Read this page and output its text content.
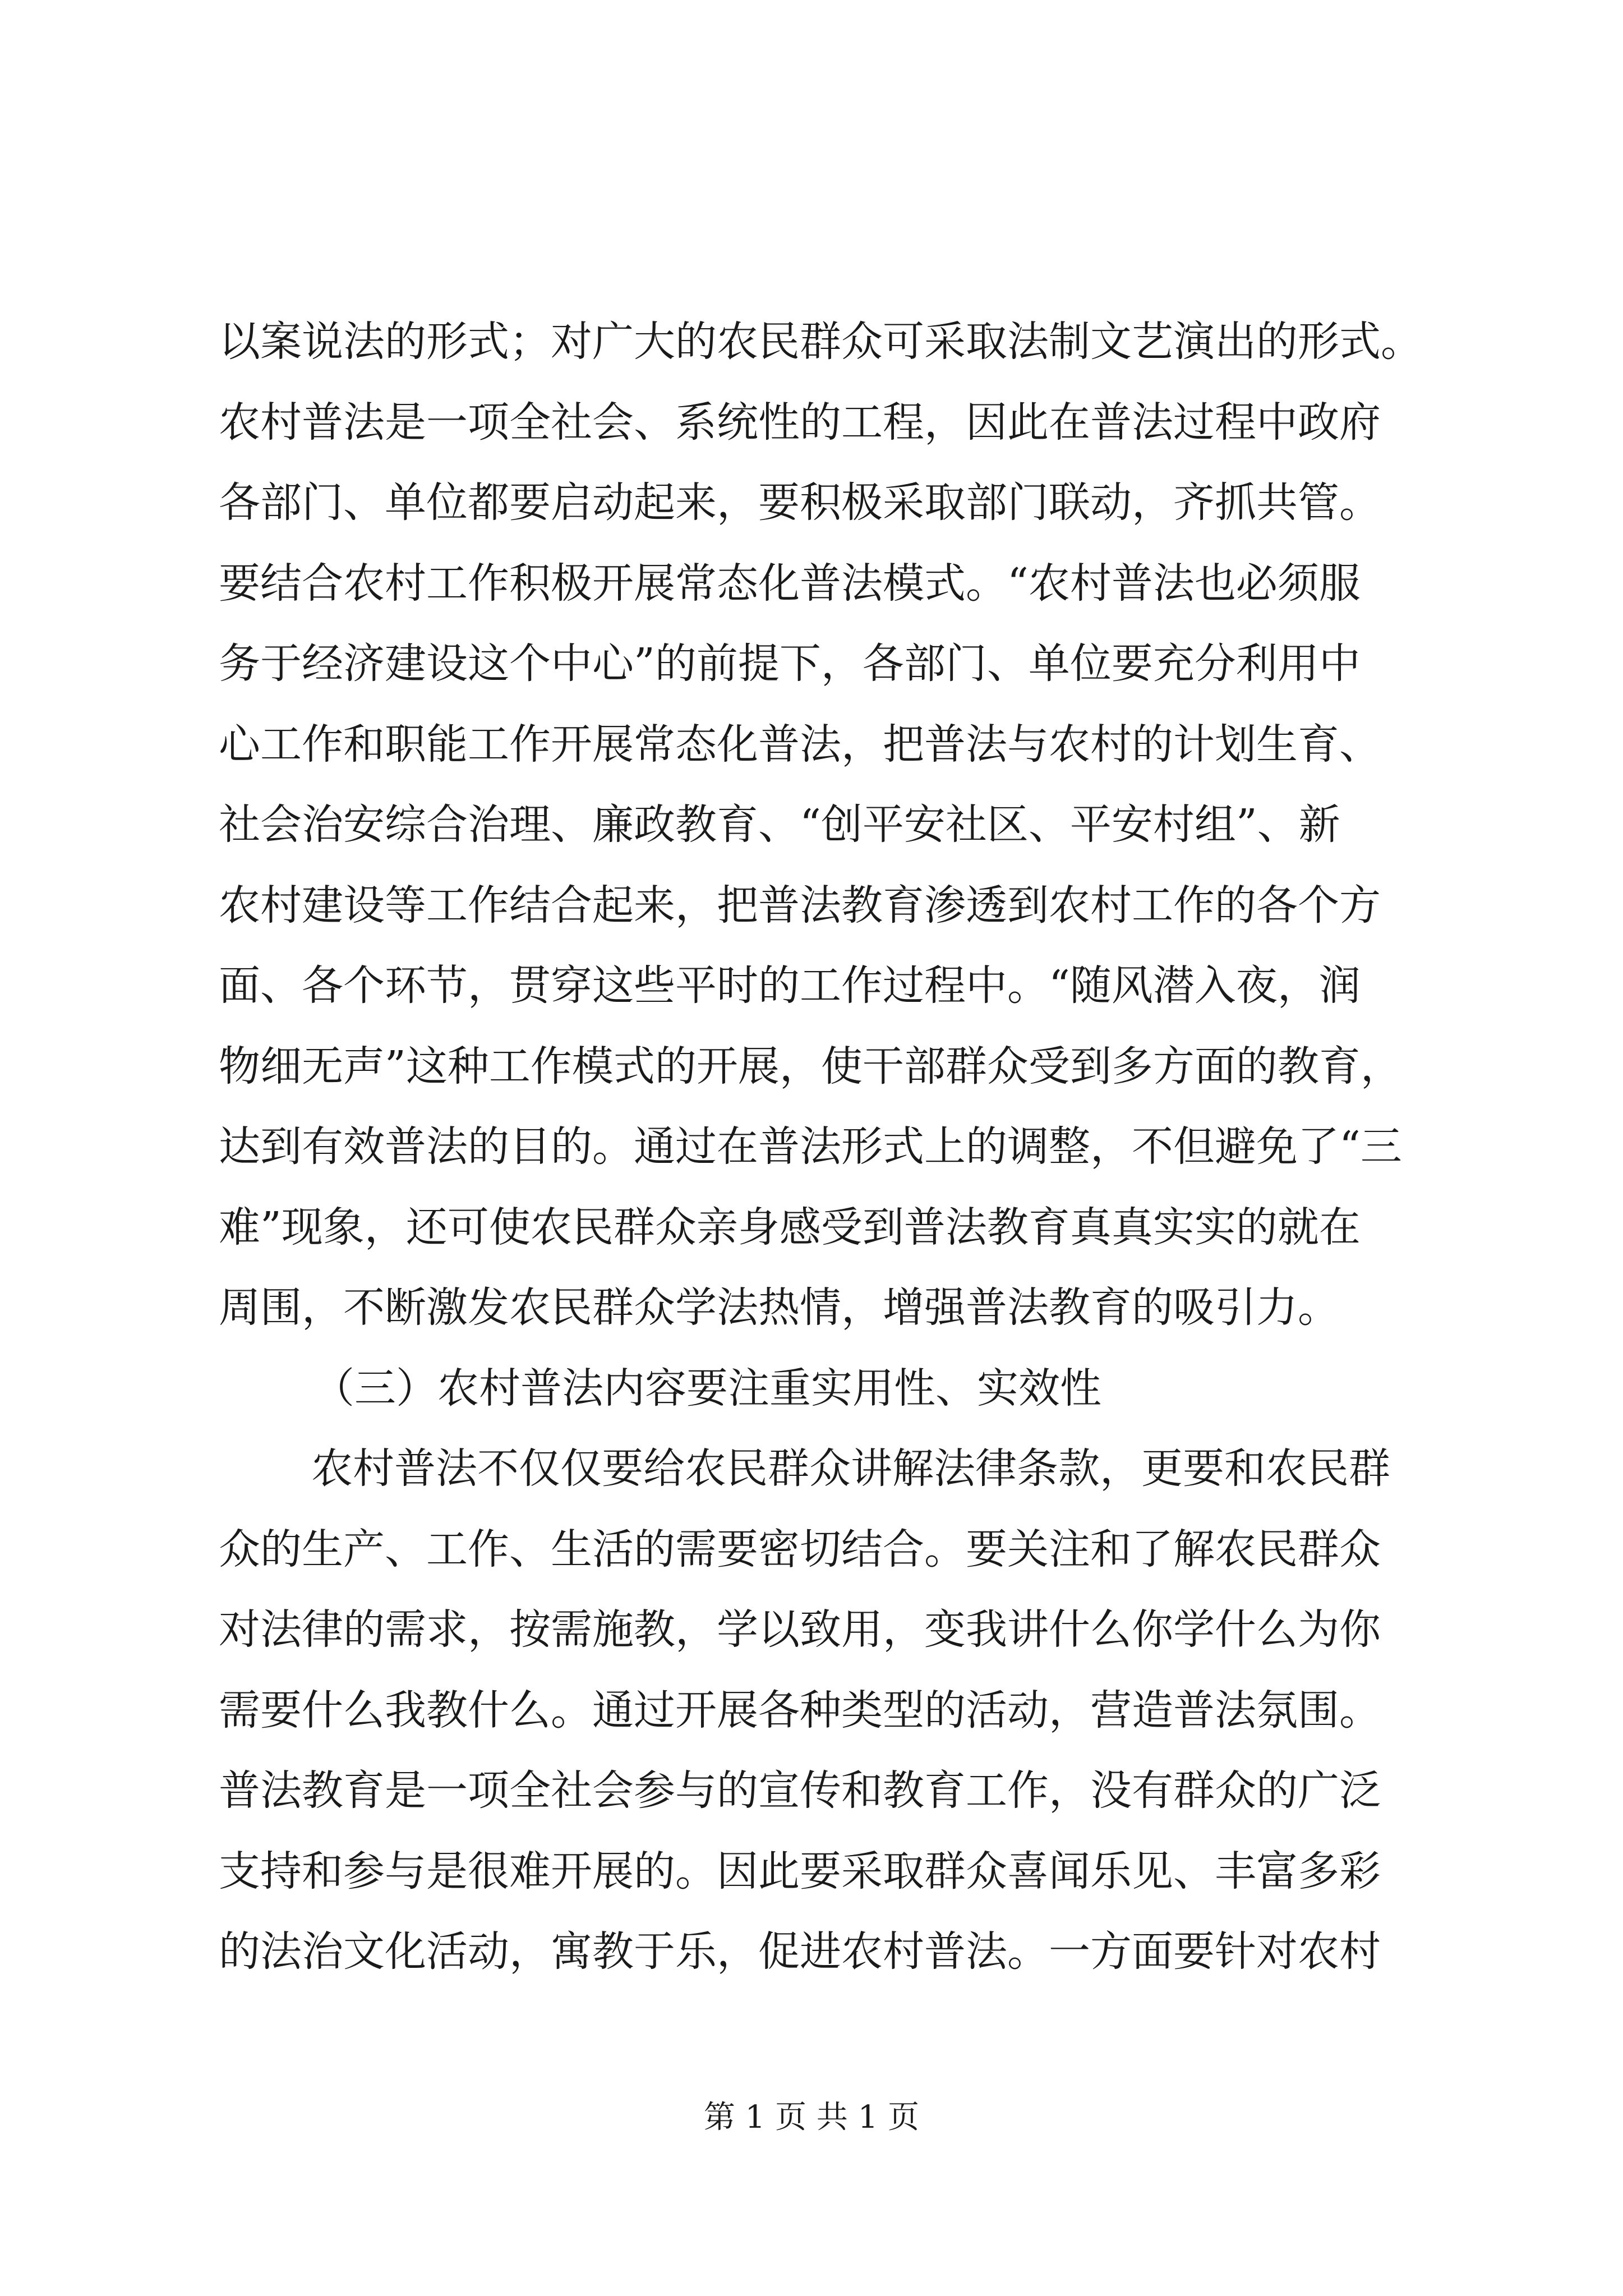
以案说法的形式；对广大的农民群众可采取法制文艺演出的形式。
农村普法是一项全社会、系统性的工程，因此在普法过程中政府
各部门、单位都要启动起来，要积极采取部门联动，齐抓共管。
要结合农村工作积极开展常态化普法模式。“农村普法也必须服
务于经济建设这个中心”的前提下，各部门、单位要充分利用中
心工作和职能工作开展常态化普法，把普法与农村的计划生育、
社会治安综合治理、廉政教育、“创平安社区、平安村组”、新
农村建设等工作结合起来，把普法教育渗透到农村工作的各个方
面、各个环节，贯穿这些平时的工作过程中。“随风潜入夜，润
物细无声”这种工作模式的开展，使干部群众受到多方面的教育，
达到有效普法的目的。通过在普法形式上的调整，不但避免了“三
难”现象，还可使农民群众亲身感受到普法教育真真实实的就在
周围，不断激发农民群众学法热情，增强普法教育的吸引力。
（三）农村普法内容要注重实用性、实效性
农村普法不仅仅要给农民群众讲解法律条款，更要和农民群
众的生产、工作、生活的需要密切结合。要关注和了解农民群众
对法律的需求，按需施教，学以致用，变我讲什么你学什么为你
需要什么我教什么。通过开展各种类型的活动，营造普法氛围。
普法教育是一项全社会参与的宣传和教育工作，没有群众的广泛
支持和参与是很难开展的。因此要采取群众喜闻乐见、丰富多彩
的法治文化活动，寓教于乐，促进农村普法。一方面要针对农村
第 1 页 共 1 页
